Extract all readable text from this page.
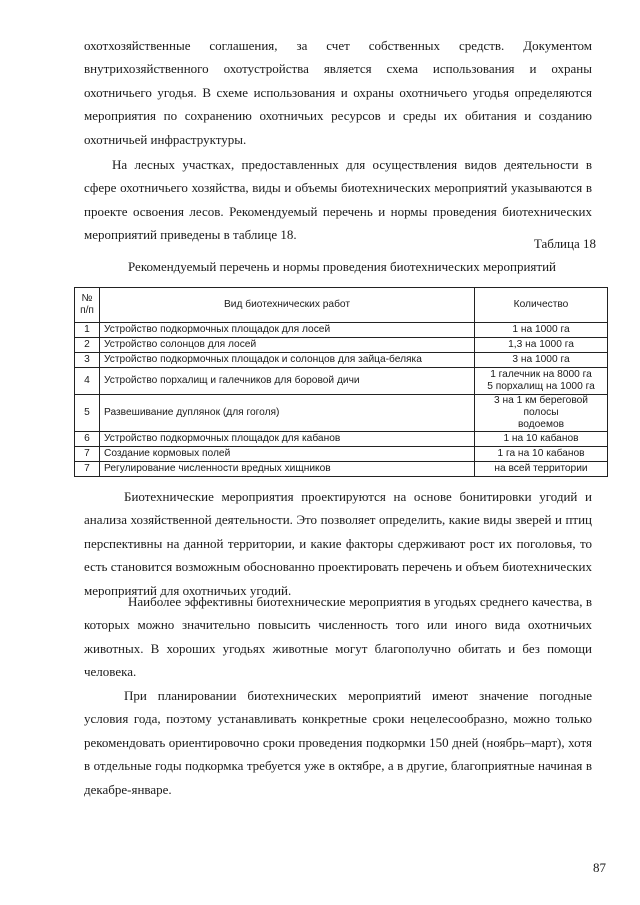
охотхозяйственные соглашения, за счет собственных средств. Документом внутрихозяйственного охотустройства является схема использования и охраны охотничьего угодья. В схеме использования и охраны охотничьего угодья определяются мероприятия по сохранению охотничьих ресурсов и среды их обитания и созданию охотничьей инфраструктуры.

На лесных участках, предоставленных для осуществления видов деятельности в сфере охотничьего хозяйства, виды и объемы биотехнических мероприятий указываются в проекте освоения лесов. Рекомендуемый перечень и нормы проведения биотехнических мероприятий приведены в таблице 18.

Таблица 18
Рекомендуемый перечень и нормы проведения биотехнических мероприятий
№
п/п	Вид биотехнических работ	Количество
1	Устройство подкормочных площадок для лосей	1 на 1000 га

2	Устройство солонцов для лосей	1,3 на 1000 га

3	Устройство подкормочных площадок и солонцов для зайца-беляка	3 на 1000 га

4	Устройство порхалищ и галечников для боровой дичи	1 галечник на 8000 га
5 порхалищ на 1000 га

5	Развешивание дуплянок (для гоголя)	3 на 1 км береговой полосы
водоемов

6	Устройство подкормочных площадок для кабанов	1 на 10 кабанов

7	Создание кормовых полей	1 га на 10 кабанов

7	Регулирование численности вредных хищников	на всей территории

Биотехнические мероприятия проектируются на основе бонитировки угодий и анализа хозяйственной деятельности. Это позволяет определить, какие виды зверей и птиц перспективны на данной территории, и какие факторы сдерживают рост их поголовья, то есть становится возможным обоснованно проектировать перечень и объем биотехнических мероприятий для охотничьих угодий.

Наиболее эффективны биотехнические мероприятия в угодьях среднего качества, в которых можно значительно повысить численность того или иного вида охотничьих животных. В хороших угодьях животные могут благополучно обитать и без помощи человека.

При планировании биотехнических мероприятий имеют значение погодные условия года, поэтому устанавливать конкретные сроки нецелесообразно, можно только рекомендовать ориентировочно сроки проведения подкормки 150 дней (ноябрь–март), хотя в отдельные годы подкормка требуется уже в октябре, а в другие, благоприятные начиная в декабре-январе.

87
